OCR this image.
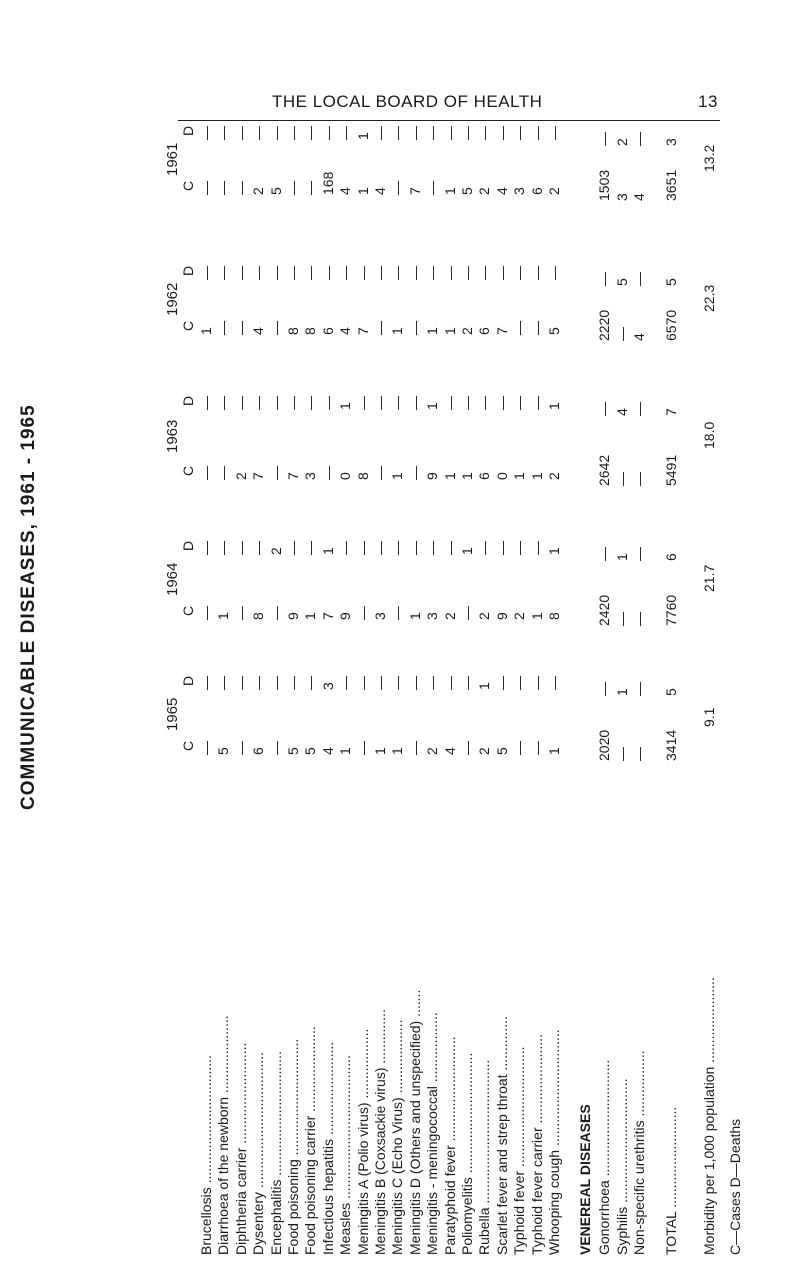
THE LOCAL BOARD OF HEALTH	13
COMMUNICABLE DISEASES, 1961 - 1965
Brucellosis ................................. Diarrhoea of the newborn .................... Diphtheria carrier .......................... Dysentery ................................... Encephalitis ................................ Food poisoning .............................. Food poisoning carrier ...................... Infectious hepatitis ........................ Measles ..................................... Meningitis A (Polio virus) .................. Meningitis B (Coxsackie virus) .............. Meningitis C (Echo Virus) ................... Meningitis D (Others and unspecified) ....... Meningitis - meningococcal .................. Paratyphoid fever ........................... Poliomyelitis ............................... Rubella ..................................... Scarlet fever and strep throat .............. Typhoid fever ............................... Typhoid fever carrier ....................... Whooping cough .............................. VENEREAL DISEASES Gonorrhoea .............................. Syphilis ................................ Non-specific urethritis ................. TOTAL .......................... Morbidity per 1,000 population ...................... C—Cases D—Deaths
1961
C
D
— — — 2 5 — — 168 4 1 4 — 7 — 1 5 2 4 3 6 2 1503 3 4 3651
— — — — — — — — — 1 — — — — — — — — — — — — 2 — 3
13.2
1962
C
D
1 — — 4 — 8 8 6 4 7 — 1 — 1 1 2 6 7 — — 5 2220 — 4 6570
— — — — — — — — — — — — — — — — — — — — — — 5 — 5
22.3
1963
C
D
— — 2 7 — 7 3 — 0 8 — 1 — 9 1 1 6 0 1 1 2 2642 — — 5491
— — — — — — — — 1 — — — — 1 — — — — — — 1 — 4 — 7
18.0
1964
C
D
— 1 — 8 — 9 1 7 9 — 3 — 1 3 2 — 2 9 2 1 8 2420 — — 7760
— — — — 2 — — 1 — — — — — — — 1 — — — — 1 — 1 — 6
21.7
1965
C
D
— 5 — 6 — 5 5 4 1 — 1 1 — 2 4 — 2 5 — — 1 2020 — — 3414
— — — — — — — 3 — — — — — — — — 1 — — — — — 1 — 5
9.1
